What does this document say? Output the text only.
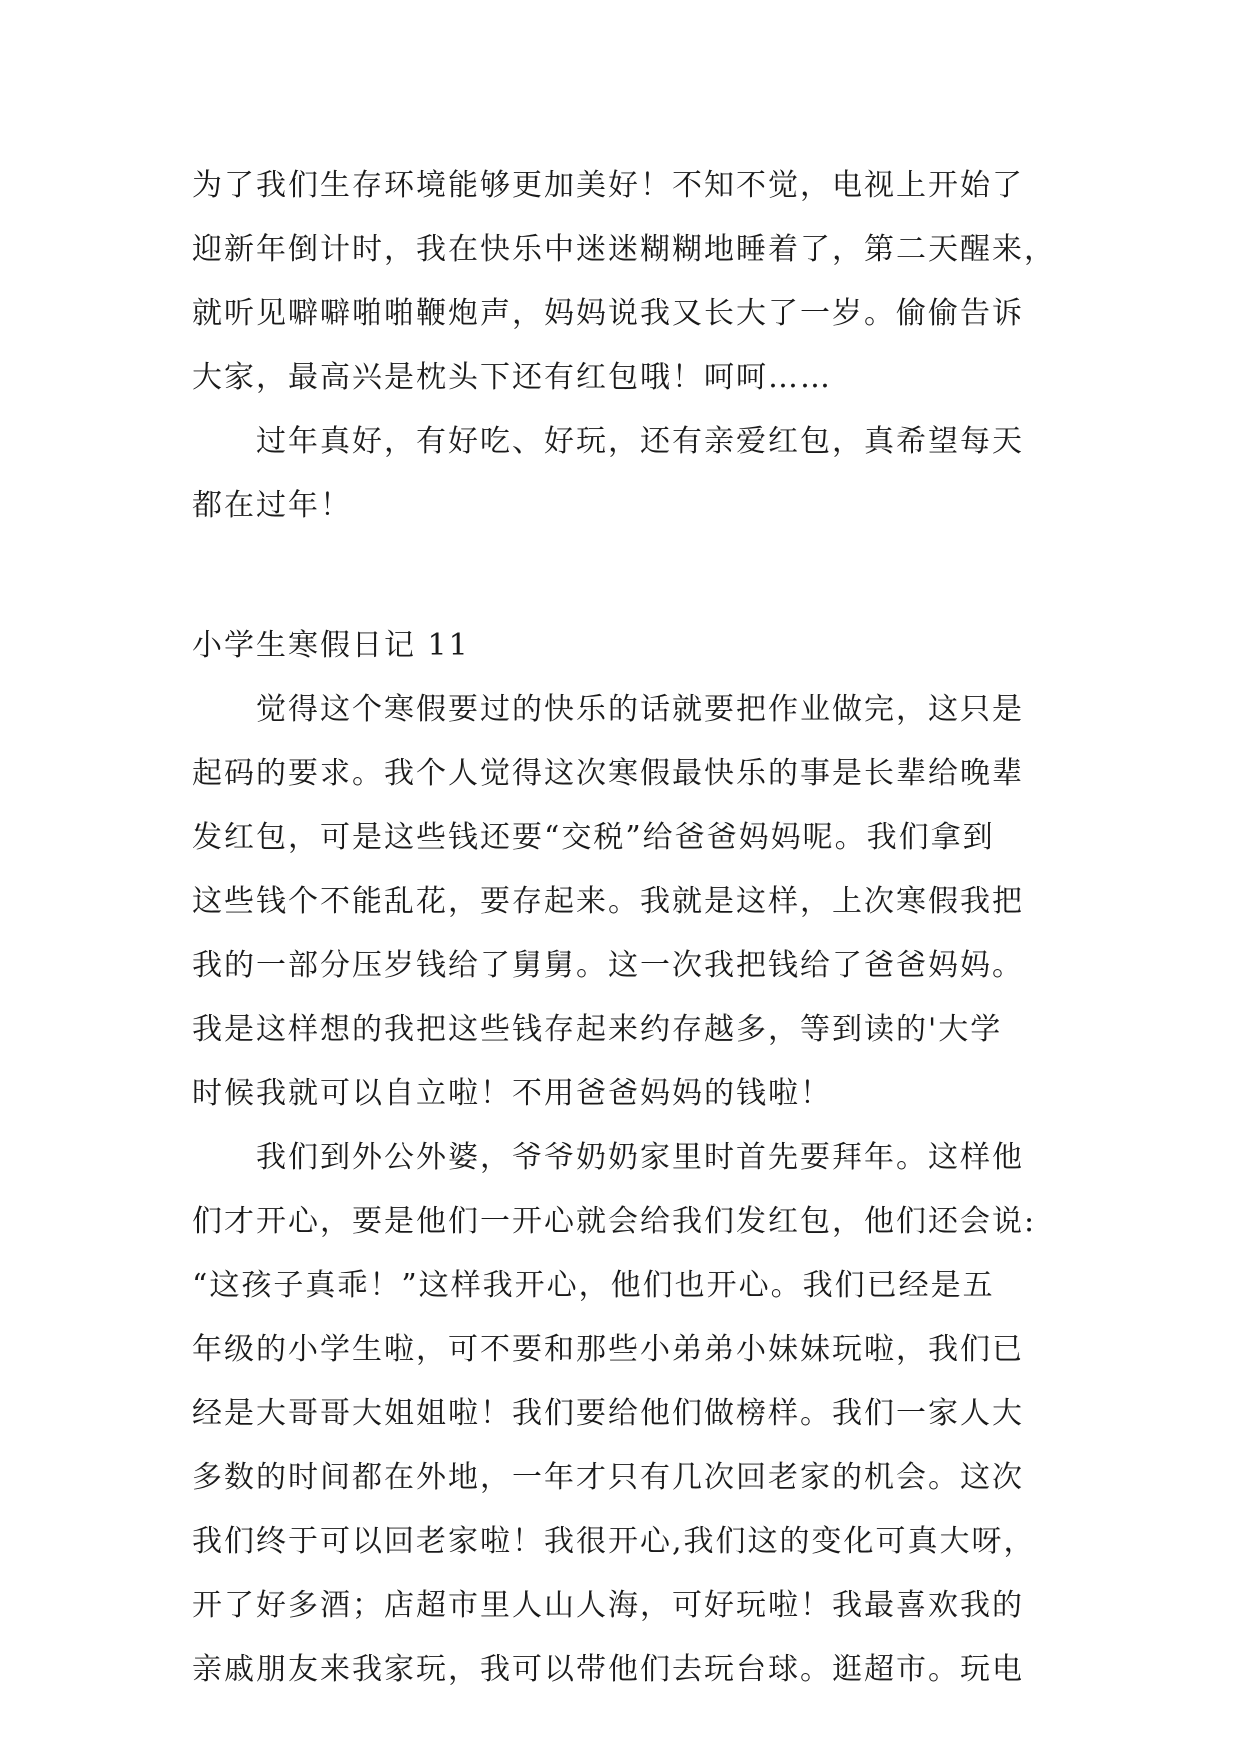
为了我们生存环境能够更加美好！不知不觉，电视上开始了
迎新年倒计时，我在快乐中迷迷糊糊地睡着了，第二天醒来，
就听见噼噼啪啪鞭炮声，妈妈说我又长大了一岁。偷偷告诉
大家，最高兴是枕头下还有红包哦！呵呵……
过年真好，有好吃、好玩，还有亲爱红包，真希望每天
都在过年！
小学生寒假日记 11
觉得这个寒假要过的快乐的话就要把作业做完，这只是
起码的要求。我个人觉得这次寒假最快乐的事是长辈给晚辈
发红包，可是这些钱还要“交税”给爸爸妈妈呢。我们拿到
这些钱个不能乱花，要存起来。我就是这样，上次寒假我把
我的一部分压岁钱给了舅舅。这一次我把钱给了爸爸妈妈。
我是这样想的我把这些钱存起来约存越多，等到读的'大学
时候我就可以自立啦！不用爸爸妈妈的钱啦！
我们到外公外婆，爷爷奶奶家里时首先要拜年。这样他
们才开心，要是他们一开心就会给我们发红包，他们还会说:
“这孩子真乖！”这样我开心，他们也开心。我们已经是五
年级的小学生啦，可不要和那些小弟弟小妹妹玩啦，我们已
经是大哥哥大姐姐啦！我们要给他们做榜样。我们一家人大
多数的时间都在外地，一年才只有几次回老家的机会。这次
我们终于可以回老家啦！我很开心,我们这的变化可真大呀，
开了好多酒；店超市里人山人海，可好玩啦！我最喜欢我的
亲戚朋友来我家玩，我可以带他们去玩台球。逛超市。玩电
